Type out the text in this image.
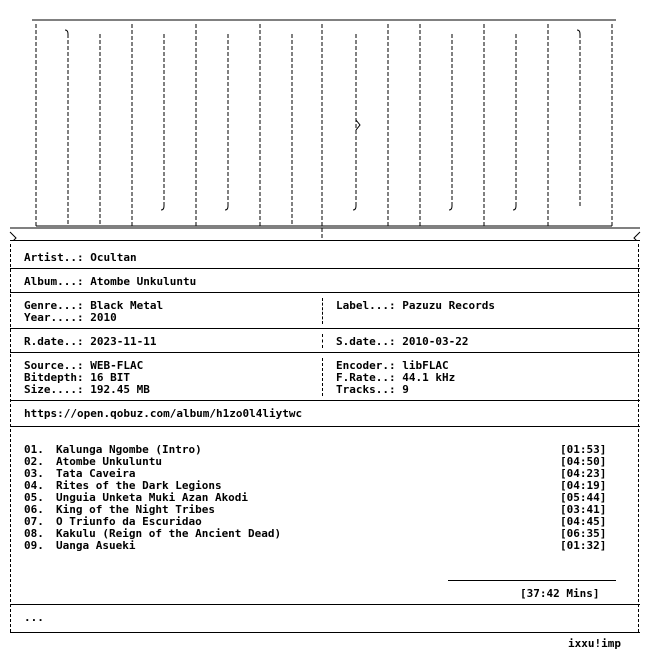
Artist..: Ocultan
Album...: Atombe Unkuluntu
Genre...: Black Metal
Year....: 2010
Label...: Pazuzu Records
R.date..: 2023-11-11	S.date..: 2010-03-22
Source..: WEB-FLAC
Bitdepth: 16 BIT
Size....: 192.45 MB
Encoder.: libFLAC
F.Rate..: 44.1 kHz
Tracks..: 9
https://open.qobuz.com/album/h1zo0l4liytwc
01. Kalunga Ngombe (Intro)	[01:53]
02. Atombe Unkuluntu	[04:50]
03. Tata Caveira	[04:23]
04. Rites of the Dark Legions	[04:19]
05. Unguia Unketa Muki Azan Akodi	[05:44]
06. King of the Night Tribes	[03:41]
07. O Triunfo da Escuridao	[04:45]
08. Kakulu (Reign of the Ancient Dead)	[06:35]
09. Uanga Asueki	[01:32]
[37:42 Mins]
...
ixxu!imp
